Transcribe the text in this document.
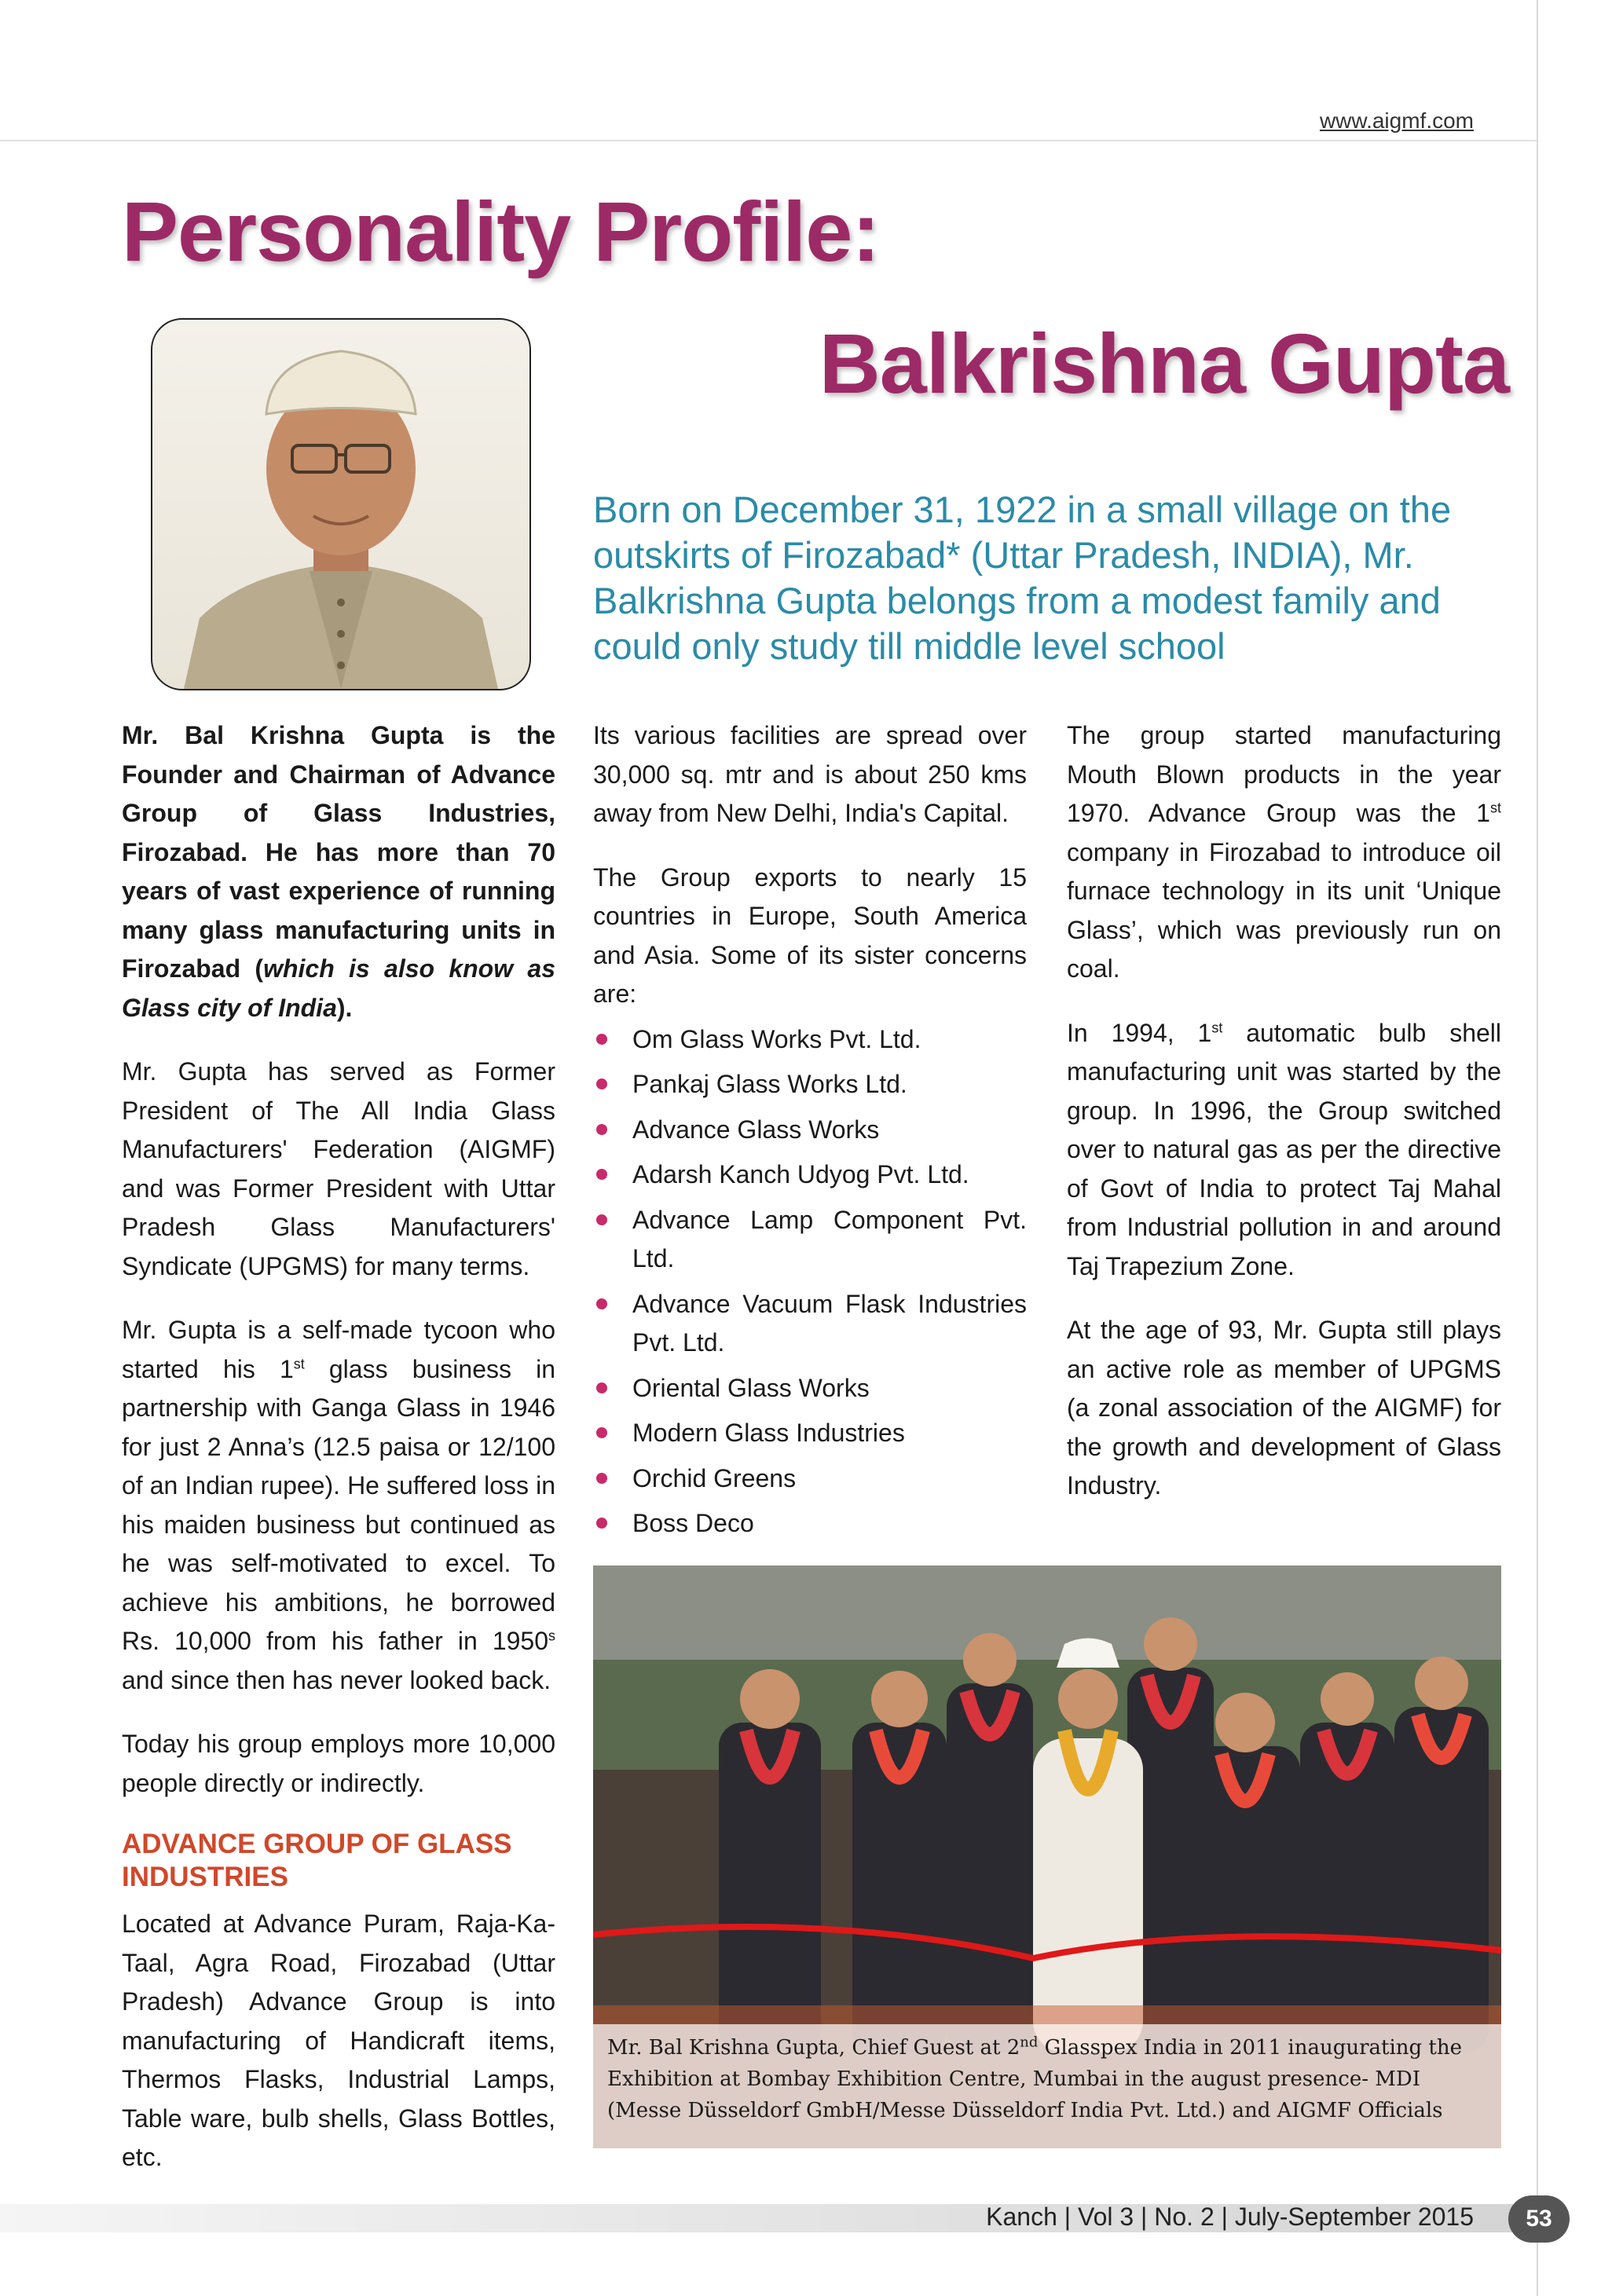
www.aigmf.com
Personality Profile:
Balkrishna Gupta
Born on December 31, 1922 in a small village on the outskirts of Firozabad* (Uttar Pradesh, INDIA), Mr. Balkrishna Gupta belongs from a modest family and could only study till middle level school

Mr. Bal Krishna Gupta is the Founder and Chairman of Advance Group of Glass Industries, Firozabad. He has more than 70 years of vast experience of running many glass manufacturing units in Firozabad (which is also know as Glass city of India).

Mr. Gupta has served as Former President of The All India Glass Manufacturers' Federation (AIGMF) and was Former President with Uttar Pradesh Glass Manufacturers' Syndicate (UPGMS) for many terms.

Mr. Gupta is a self-made tycoon who started his 1st glass business in partnership with Ganga Glass in 1946 for just 2 Anna’s (12.5 paisa or 12/100 of an Indian rupee). He suffered loss in his maiden business but continued as he was self-motivated to excel. To achieve his ambitions, he borrowed Rs. 10,000 from his father in 1950$^s$ and since then has never looked back.

Today his group employs more 10,000 people directly or indirectly.

ADVANCE GROUP OF GLASS INDUSTRIES

Located at Advance Puram, Raja-Ka-Taal, Agra Road, Firozabad (Uttar Pradesh) Advance Group is into manufacturing of Handicraft items, Thermos Flasks, Industrial Lamps, Table ware, bulb shells, Glass Bottles, etc.

Its various facilities are spread over 30,000 sq. mtr and is about 250 kms away from New Delhi, India's Capital.

The Group exports to nearly 15 countries in Europe, South America and Asia. Some of its sister concerns are:

Om Glass Works Pvt. Ltd.
Pankaj Glass Works Ltd.
Advance Glass Works
Adarsh Kanch Udyog Pvt. Ltd.
Advance Lamp Component Pvt. Ltd.
Advance Vacuum Flask Industries Pvt. Ltd.
Oriental Glass Works
Modern Glass Industries
Orchid Greens
Boss Deco

The group started manufacturing Mouth Blown products in the year 1970. Advance Group was the 1st company in Firozabad to introduce oil furnace technology in its unit ‘Unique Glass’, which was previously run on coal.

In 1994, 1st automatic bulb shell manufacturing unit was started by the group. In 1996, the Group switched over to natural gas as per the directive of Govt of India to protect Taj Mahal from Industrial pollution in and around Taj Trapezium Zone.

At the age of 93, Mr. Gupta still plays an active role as member of UPGMS (a zonal association of the AIGMF) for the growth and development of Glass Industry.

Mr. Bal Krishna Gupta, Chief Guest at 2nd Glasspex India in 2011 inaugurating the Exhibition at Bombay Exhibition Centre, Mumbai in the august presence- MDI (Messe Düsseldorf GmbH/Messe Düsseldorf India Pvt. Ltd.) and AIGMF Officials
Kanch | Vol 3 | No. 2 | July-September 2015	53
